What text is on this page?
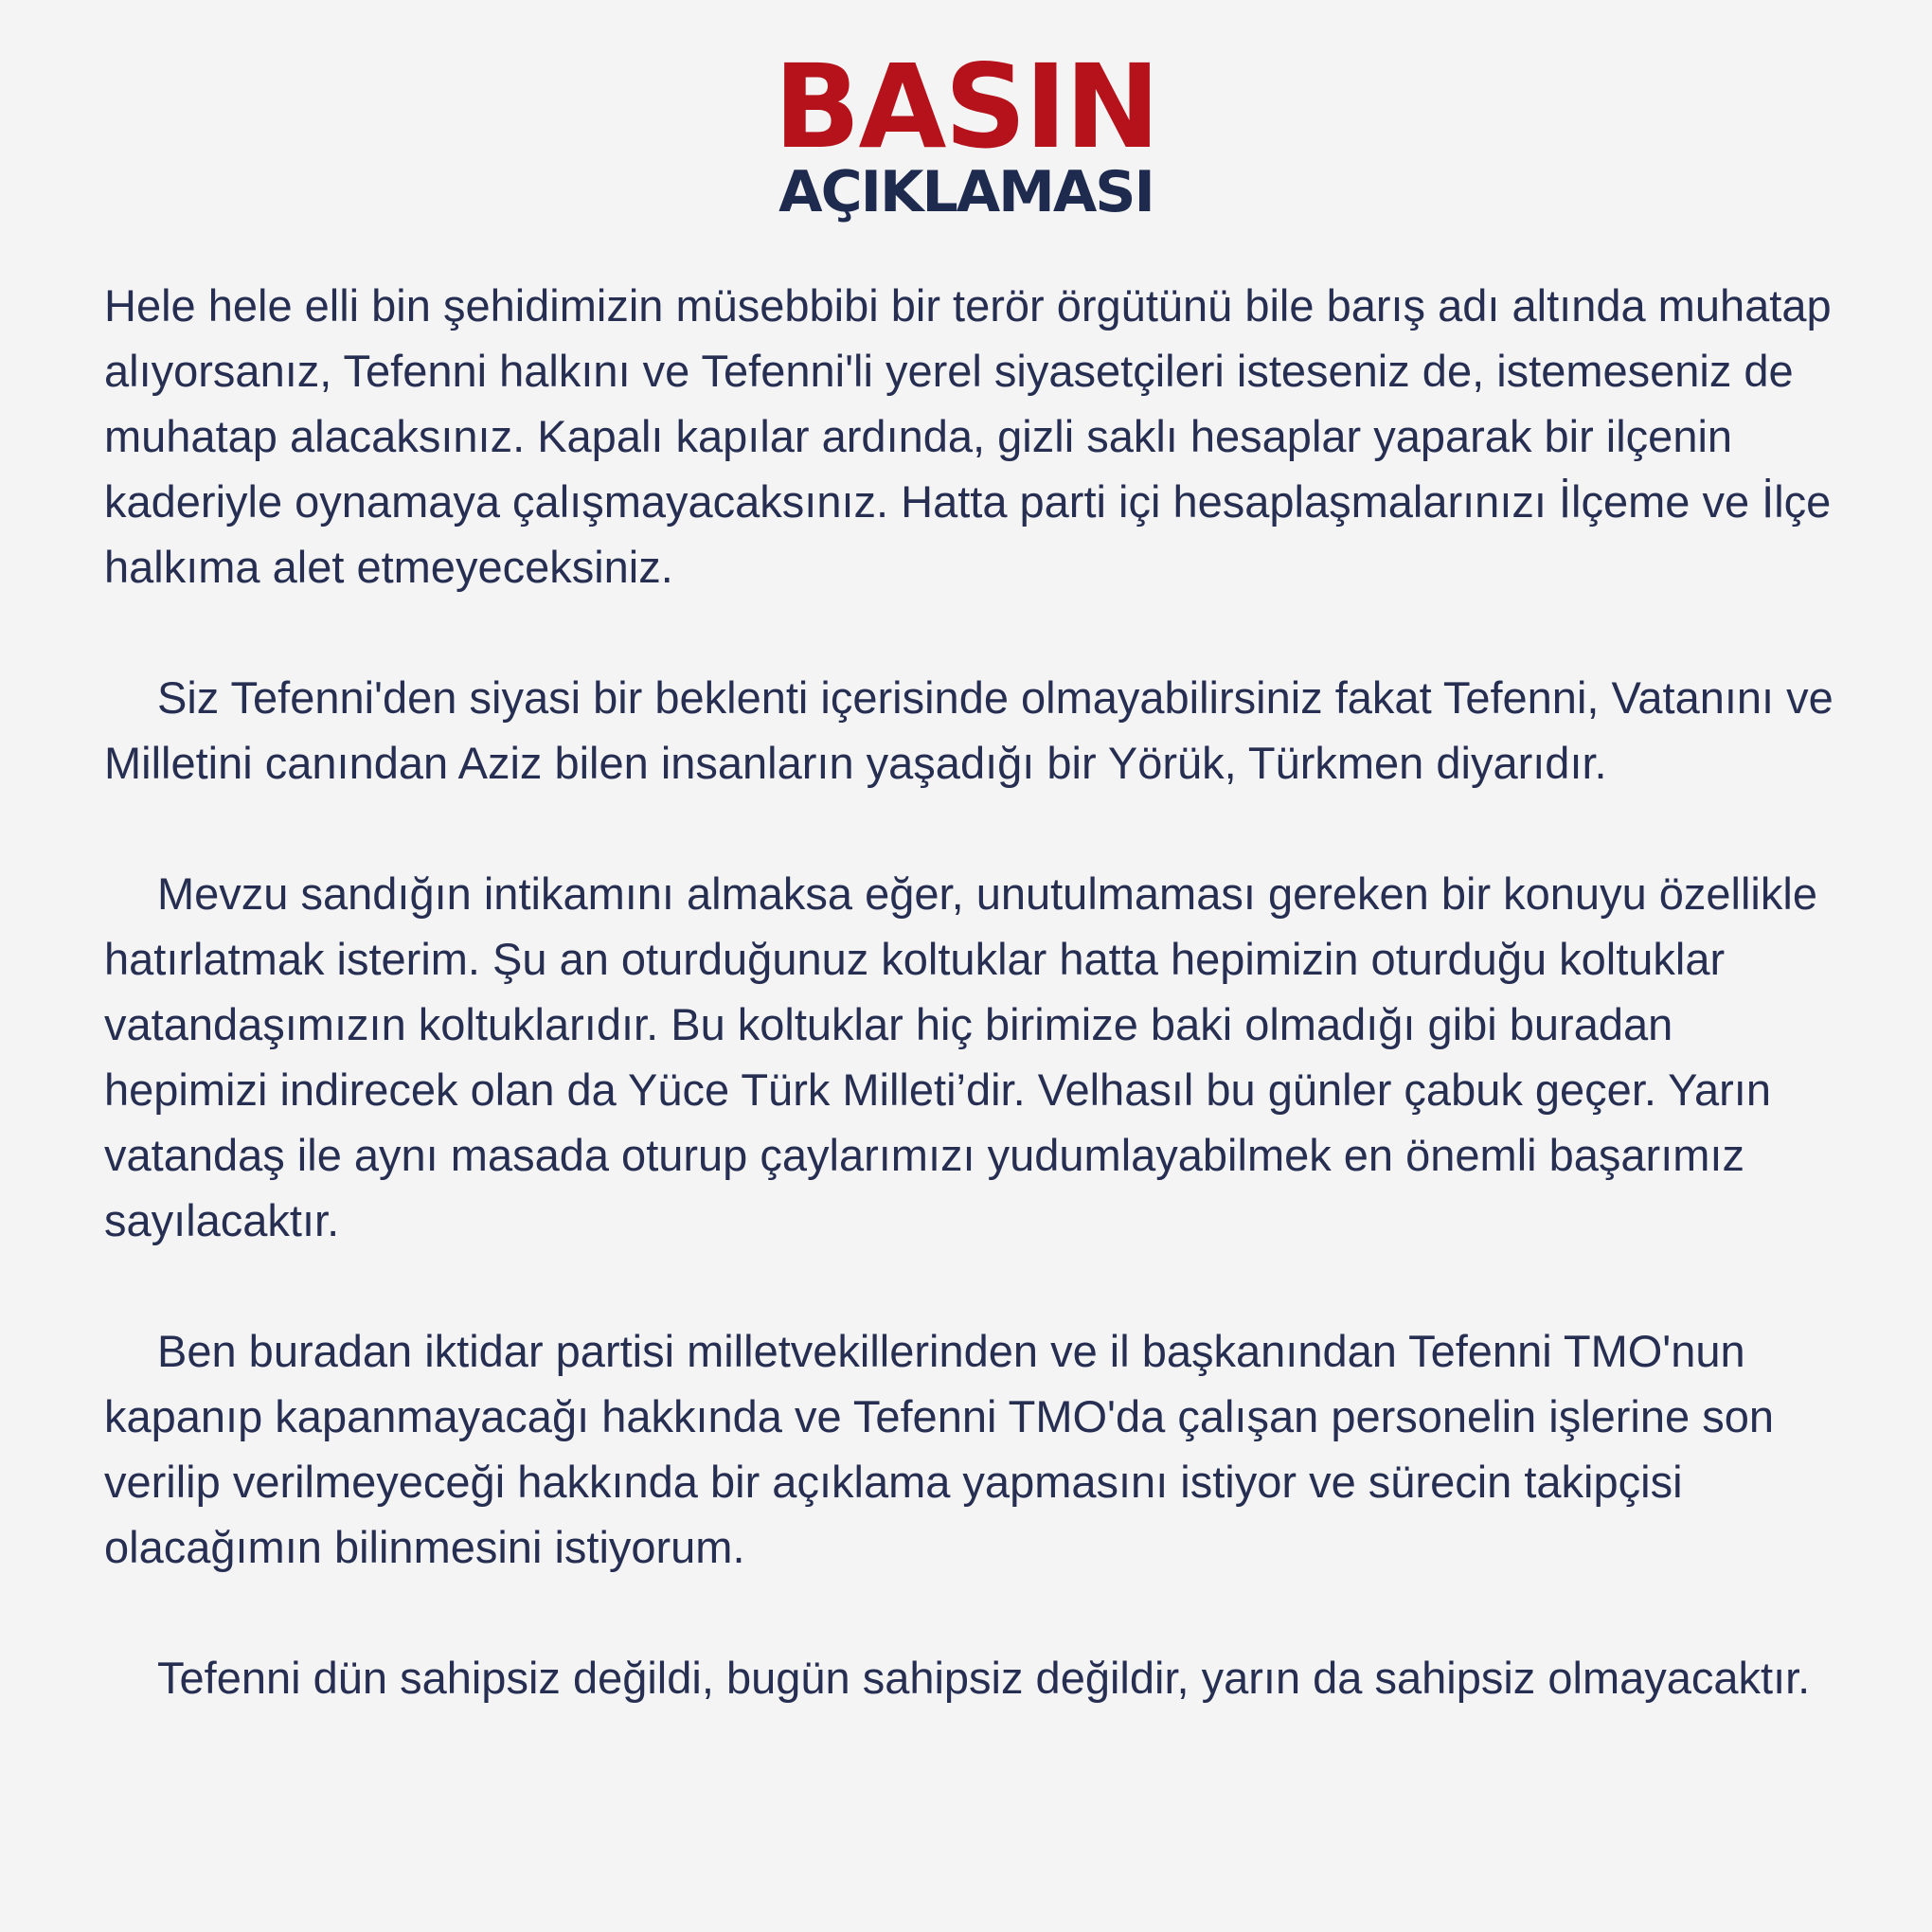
BASIN
AÇIKLAMASI

Hele hele elli bin şehidimizin müsebbibi bir terör örgütünü bile barış adı altında muhatap alıyorsanız, Tefenni halkını ve Tefenni'li yerel siyasetçileri isteseniz de, istemeseniz de muhatap alacaksınız. Kapalı kapılar ardında, gizli saklı hesaplar yaparak bir ilçenin kaderiyle oynamaya çalışmayacaksınız. Hatta parti içi hesaplaşmalarınızı İlçeme ve İlçe halkıma alet etmeyeceksiniz.

Siz Tefenni'den siyasi bir beklenti içerisinde olmayabilirsiniz fakat Tefenni, Vatanını ve Milletini canından Aziz bilen insanların yaşadığı bir Yörük, Türkmen diyarıdır.

Mevzu sandığın intikamını almaksa eğer, unutulmaması gereken bir konuyu özellikle hatırlatmak isterim. Şu an oturduğunuz koltuklar hatta hepimizin oturduğu koltuklar vatandaşımızın koltuklarıdır. Bu koltuklar hiç birimize baki olmadığı gibi buradan hepimizi indirecek olan da Yüce Türk Milleti’dir. Velhasıl bu günler çabuk geçer. Yarın vatandaş ile aynı masada oturup çaylarımızı yudumlayabilmek en önemli başarımız sayılacaktır.

Ben buradan iktidar partisi milletvekillerinden ve il başkanından Tefenni TMO'nun kapanıp kapanmayacağı hakkında ve Tefenni TMO'da çalışan personelin işlerine son verilip verilmeyeceği hakkında bir açıklama yapmasını istiyor ve sürecin takipçisi olacağımın bilinmesini istiyorum.

Tefenni dün sahipsiz değildi, bugün sahipsiz değildir, yarın da sahipsiz olmayacaktır.
